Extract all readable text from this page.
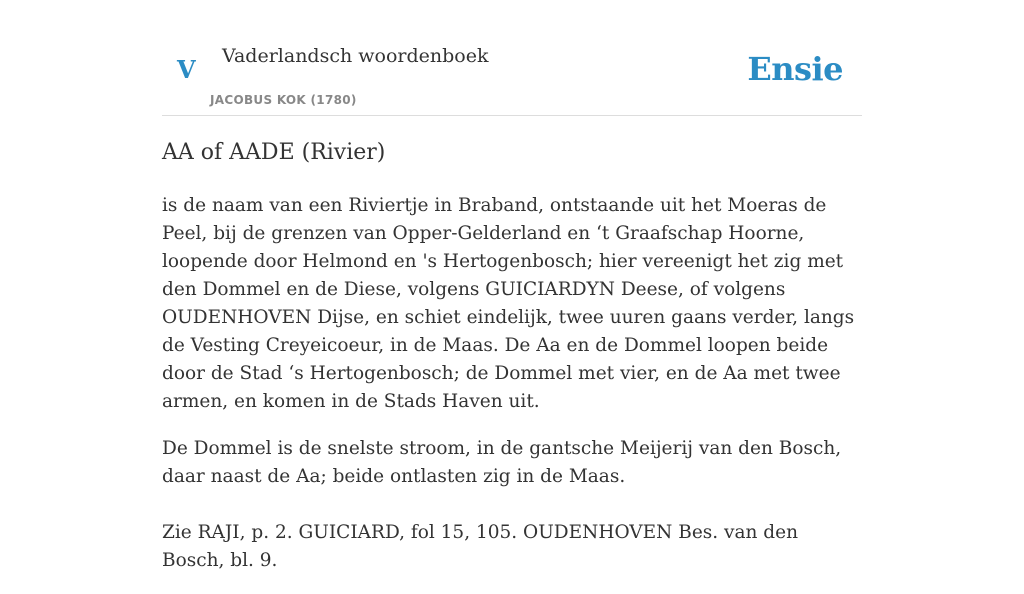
V Vaderlandsch woordenboek
JACOBUS KOK (1780)
Ensie
AA of AADE (Rivier)

is de naam van een Riviertje in Braband, ontstaande uit het Moeras de Peel, bij de grenzen van Opper-Gelderland en ‘t Graafschap Hoorne, loopende door Helmond en 's Hertogenbosch; hier vereenigt het zig met den Dommel en de Diese, volgens GUICIARDYN Deese, of volgens OUDENHOVEN Dijse, en schiet eindelijk, twee uuren gaans verder, langs de Vesting Creyeicoeur, in de Maas. De Aa en de Dommel loopen beide door de Stad ‘s Hertogenbosch; de Dommel met vier, en de Aa met twee armen, en komen in de Stads Haven uit.

De Dommel is de snelste stroom, in de gantsche Meijerij van den Bosch, daar naast de Aa; beide ontlasten zig in de Maas.

Zie RAJI, p. 2. GUICIARD, fol 15, 105. OUDENHOVEN Bes. van den Bosch, bl. 9.
